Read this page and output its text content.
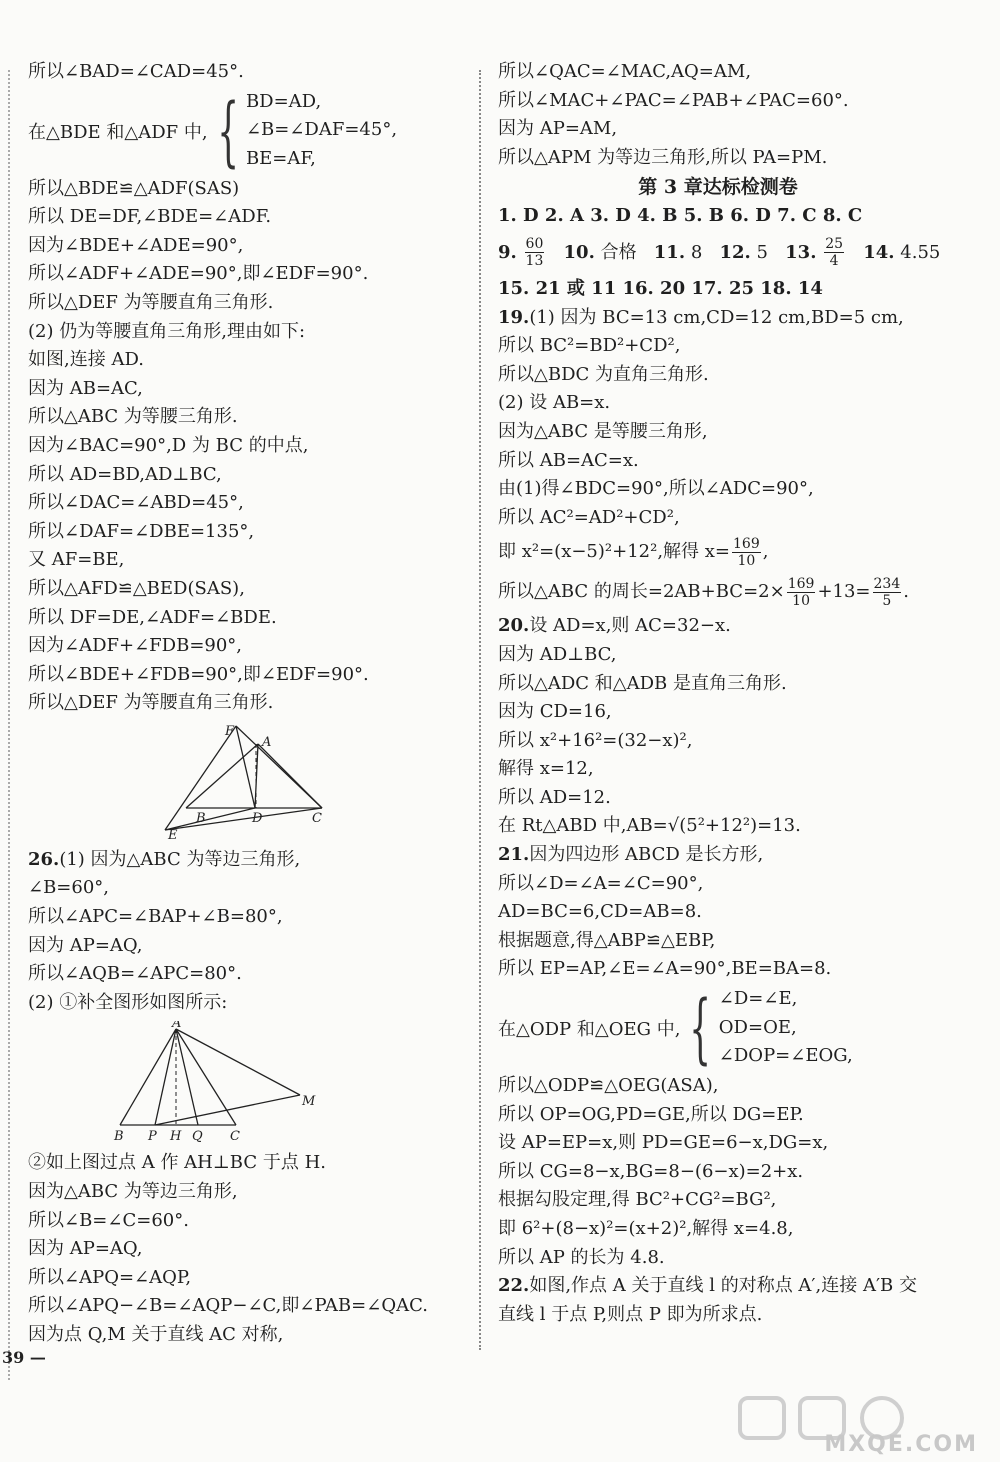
所以∠BAD=∠CAD=45°.
在△BDE 和△ADF 中, { BD=AD,
∠B=∠DAF=45°,
BE=AF,
所以△BDE≌△ADF(SAS)
所以 DE=DF,∠BDE=∠ADF.
因为∠BDE+∠ADE=90°,
所以∠ADF+∠ADE=90°,即∠EDF=90°.
所以△DEF 为等腰直角三角形.
(2) 仍为等腰直角三角形,理由如下:
如图,连接 AD.
因为 AB=AC,
所以△ABC 为等腰三角形.
因为∠BAC=90°,D 为 BC 的中点,
所以 AD=BD,AD⊥BC,
所以∠DAC=∠ABD=45°,
所以∠DAF=∠DBE=135°,
又 AF=BE,
所以△AFD≌△BED(SAS),
所以 DF=DE,∠ADF=∠BDE.
因为∠ADF+∠FDB=90°,
所以∠BDE+∠FDB=90°,即∠EDF=90°.
所以△DEF 为等腰直角三角形.
F
A
B	D	C
E
26.(1) 因为△ABC 为等边三角形,
∠B=60°,
所以∠APC=∠BAP+∠B=80°,
因为 AP=AQ,
所以∠AQB=∠APC=80°.
(2) ①补全图形如图所示:
A
M
B P H Q C
②如上图过点 A 作 AH⊥BC 于点 H.
因为△ABC 为等边三角形,
所以∠B=∠C=60°.
因为 AP=AQ,
所以∠APQ=∠AQP,
所以∠APQ−∠B=∠AQP−∠C,即∠PAB=∠QAC.
因为点 Q,M 关于直线 AC 对称,
所以∠QAC=∠MAC,AQ=AM,
所以∠MAC+∠PAC=∠PAB+∠PAC=60°.
因为 AP=AM,
所以△APM 为等边三角形,所以 PA=PM.
第 3 章达标检测卷
1. D 2. A 3. D 4. B 5. B 6. D 7. C 8. C
9. $\frac{60}{13} 10$. 合格 11. 8 12. 5 13. $\frac{25}{4} 14$. 4.55
15. 21 或 11 16. 20 17. 25 18. 14
19.(1) 因为 BC=13 cm,CD=12 cm,BD=5 cm,
所以 BC²=BD²+CD²,
所以△BDC 为直角三角形.
(2) 设 AB=x.
因为△ABC 是等腰三角形,
所以 AB=AC=x.
由(1)得∠BDC=90°,所以∠ADC=90°,
所以 AC²=AD²+CD²,
即 x²=(x−5)²+12²,解得 $x= \frac{169}{10}$ ,
所以△ABC 的周长$=2AB+BC=2\times \frac{169}{10} +13= \frac{234}{5}$ .
20.设 AD=x,则 AC=32−x.
因为 AD⊥BC,
所以△ADC 和△ADB 是直角三角形.
因为 CD=16,
所以 x²+16²=(32−x)²,
解得 x=12,
所以 AD=12.
在 Rt△ABD 中,AB=√(5²+12²)=13.
21.因为四边形 ABCD 是长方形,
所以∠D=∠A=∠C=90°,
AD=BC=6,CD=AB=8.
根据题意,得△ABP≌△EBP,
所以 EP=AP,∠E=∠A=90°,BE=BA=8.
在△ODP 和△OEG 中, { ∠D=∠E,
OD=OE,
∠DOP=∠EOG,
所以△ODP≌△OEG(ASA),
所以 OP=OG,PD=GE,所以 DG=EP.
设 AP=EP=x,则 PD=GE=6−x,DG=x,
所以 CG=8−x,BG=8−(6−x)=2+x.
根据勾股定理,得 BC²+CG²=BG²,
即 6²+(8−x)²=(x+2)²,解得 x=4.8,
所以 AP 的长为 4.8.
22.如图,作点 A 关于直线 l 的对称点 A′,连接 A′B 交
直线 l 于点 P,则点 P 即为所求点.
39 —
MXQE.COM
